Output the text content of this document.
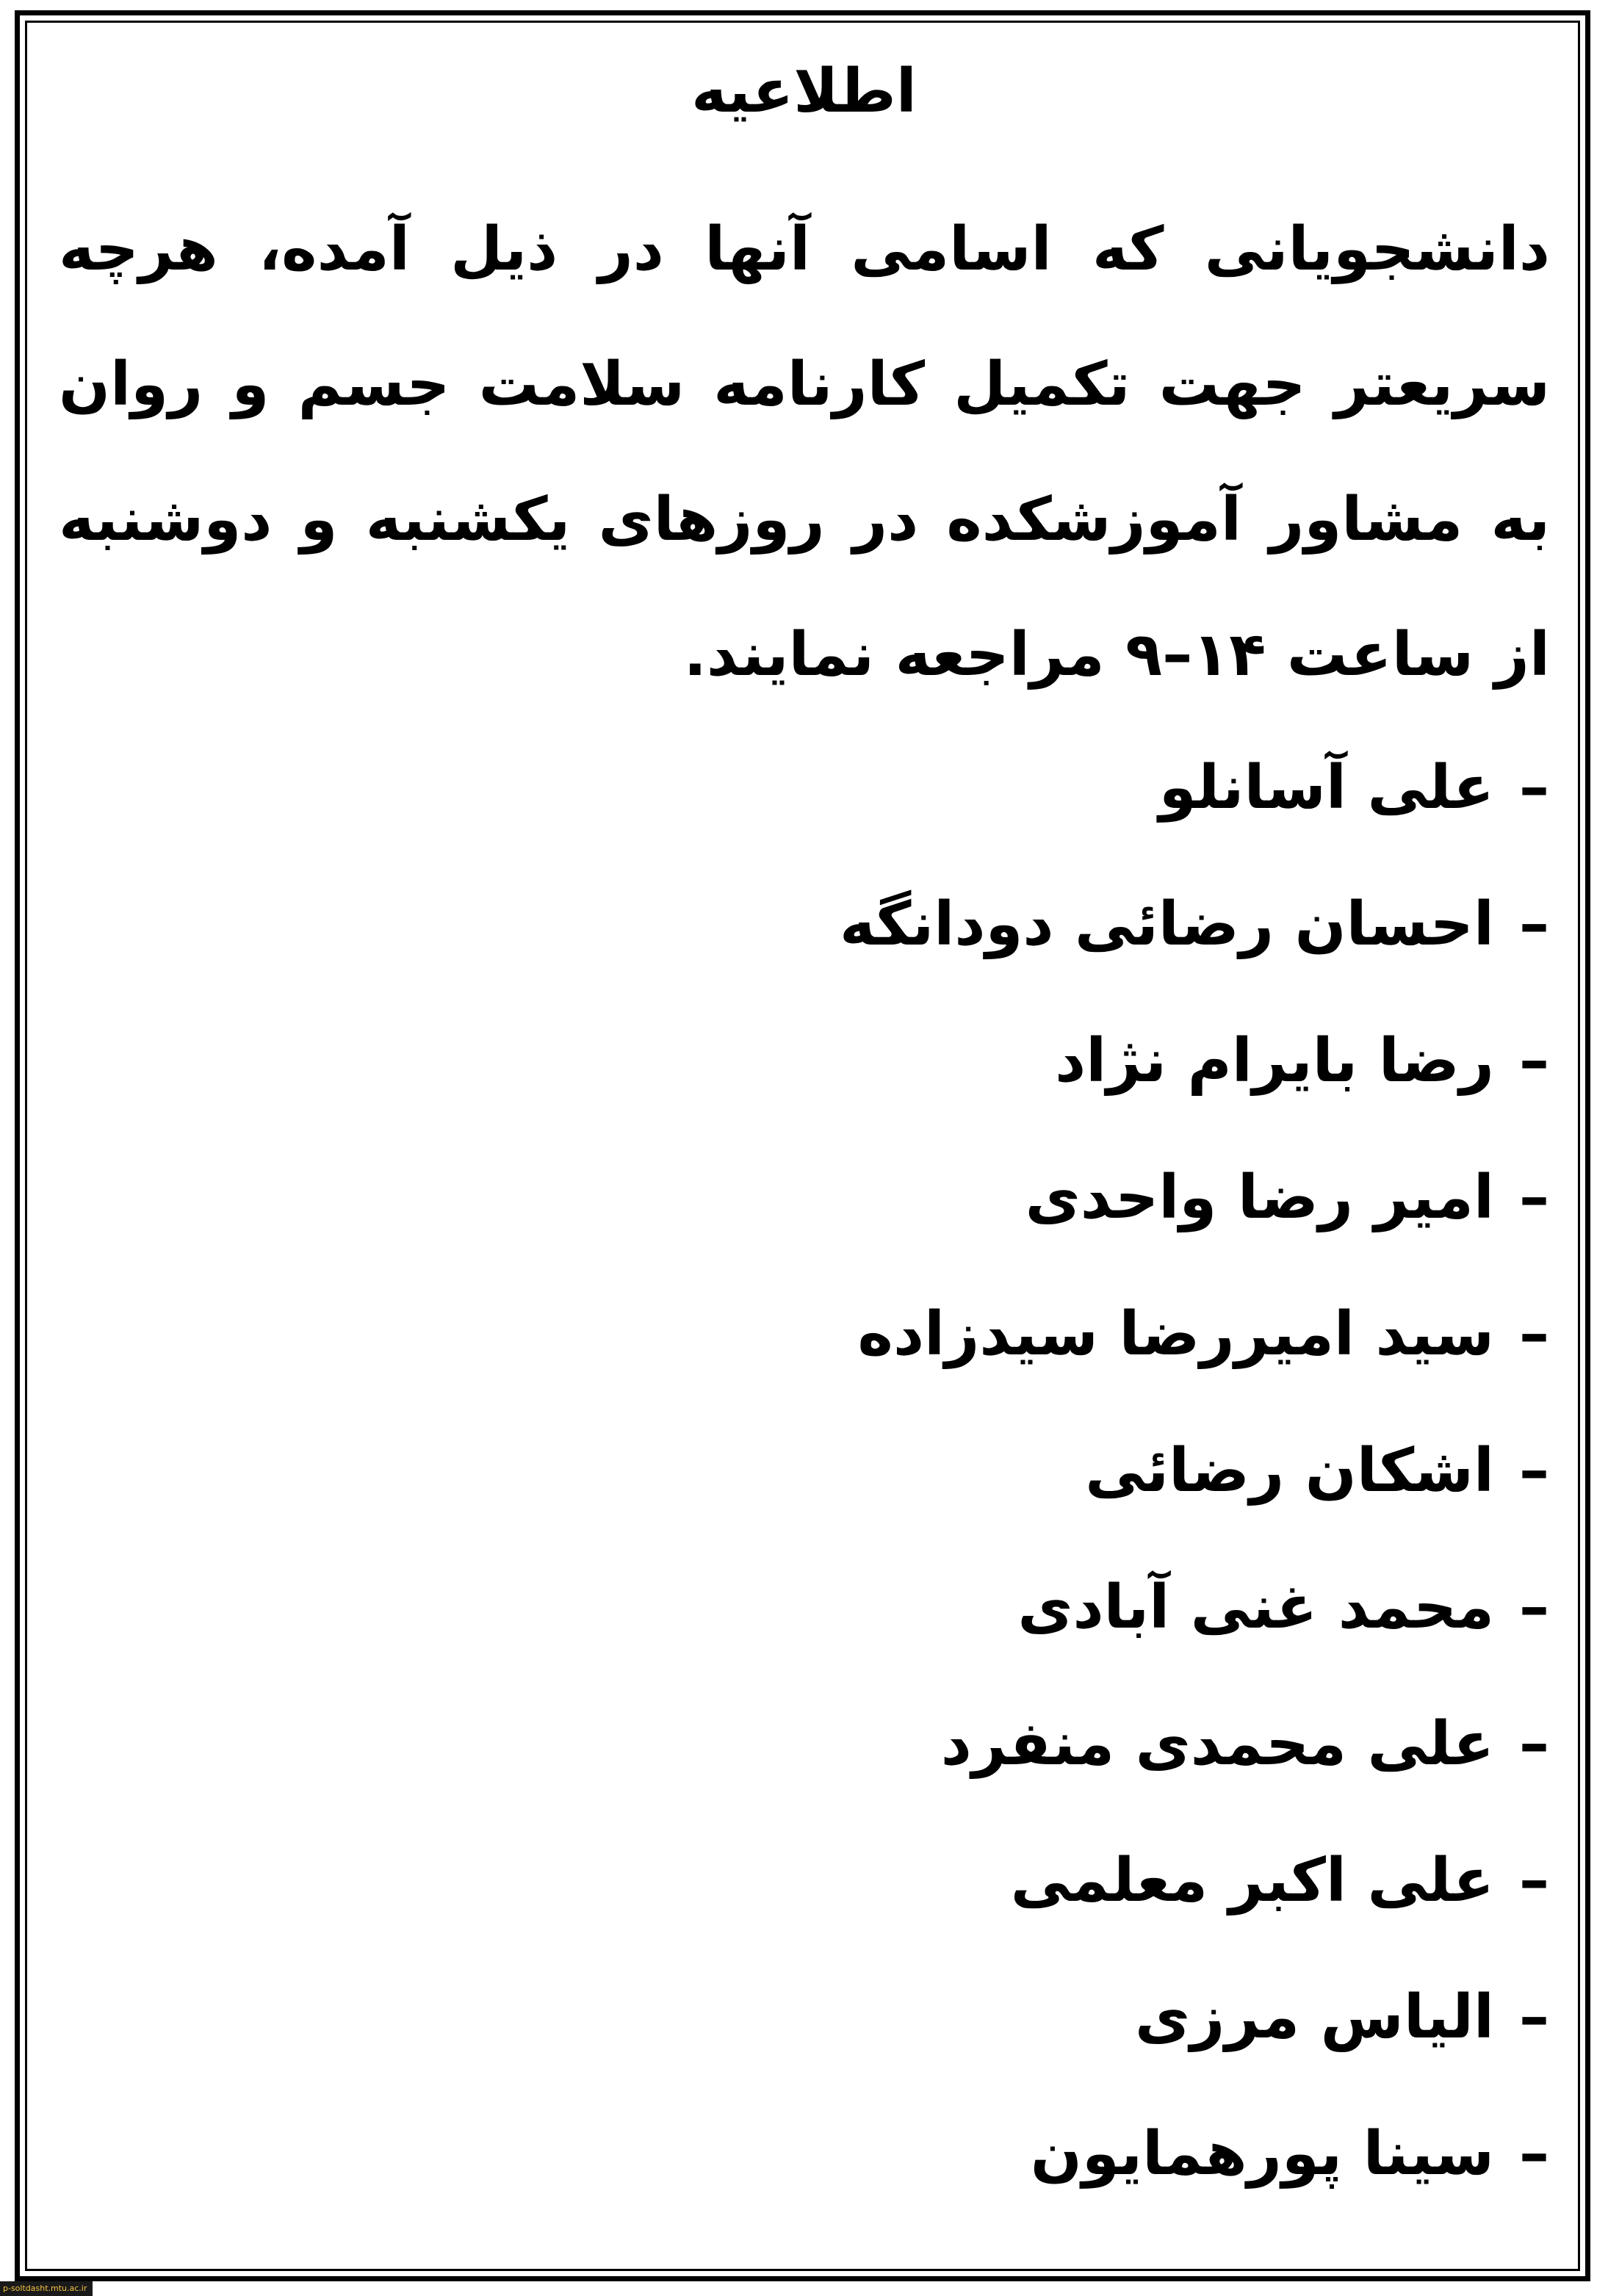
اطلاعیه
دانشجویانی که اسامی آنها در ذیل آمده، هرچه سریعتر جهت تکمیل کارنامه سلامت جسم و روان به مشاور آموزشکده در روزهای یکشنبه و دوشنبه از ساعت ۱۴–۹ مراجعه نمایند.
–علی آسانلو
–احسان رضائی دودانگه
–رضا بایرام نژاد
–امیر رضا واحدی
–سید امیررضا سیدزاده
–اشکان رضائی
–محمد غنی آبادی
–علی محمدی منفرد
–علی اکبر معلمی
–الیاس مرزی
–سینا پورهمایون
p-soltdasht.mtu.ac.ir
